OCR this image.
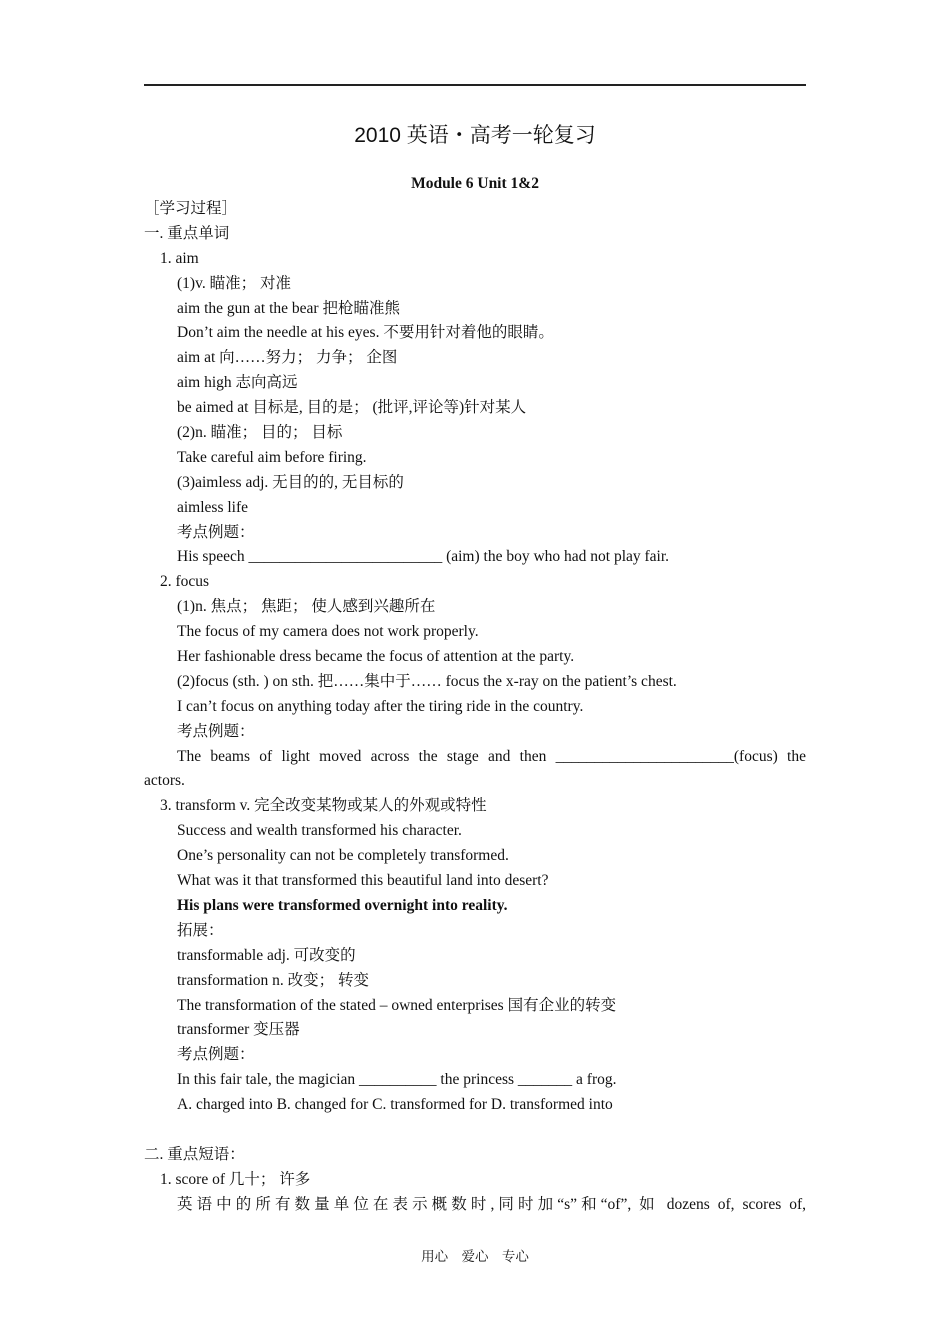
2010 英语・高考一轮复习
Module 6 Unit 1&2
［学习过程］
一. 重点单词
1. aim
(1)v. 瞄准； 对准
aim the gun at the bear 把枪瞄准熊
Don’t aim the needle at his eyes. 不要用针对着他的眼睛。
aim at 向……努力； 力争； 企图
aim high 志向高远
be aimed at 目标是, 目的是； (批评,评论等)针对某人
(2)n. 瞄准； 目的； 目标
Take careful aim before firing.
(3)aimless adj. 无目的的, 无目标的
aimless life
考点例题：
His speech _________________________ (aim) the boy who had not play fair.
2. focus
(1)n. 焦点； 焦距； 使人感到兴趣所在
The focus of my camera does not work properly.
Her fashionable dress became the focus of attention at the party.
(2)focus (sth. ) on sth. 把……集中于…… focus the x-ray on the patient’s chest.
I can’t focus on anything today after the tiring ride in the country.
考点例题：
The beams of light moved across the stage and then _______________________(focus) the
actors.
3. transform v. 完全改变某物或某人的外观或特性
Success and wealth transformed his character.
One’s personality can not be completely transformed.
What was it that transformed this beautiful land into desert?
His plans were transformed overnight into reality.
拓展：
transformable adj. 可改变的
transformation n. 改变； 转变
The transformation of the stated – owned enterprises 国有企业的转变
transformer 变压器
考点例题：
In this fair tale, the magician __________ the princess _______ a frog.
A. charged into B. changed for C. transformed for D. transformed into
二. 重点短语：
1. score of 几十； 许多
英语中的所有数量单位在表示概数时,同时加“s”和“of”, 如 dozens of, scores of,
用心 爱心 专心
